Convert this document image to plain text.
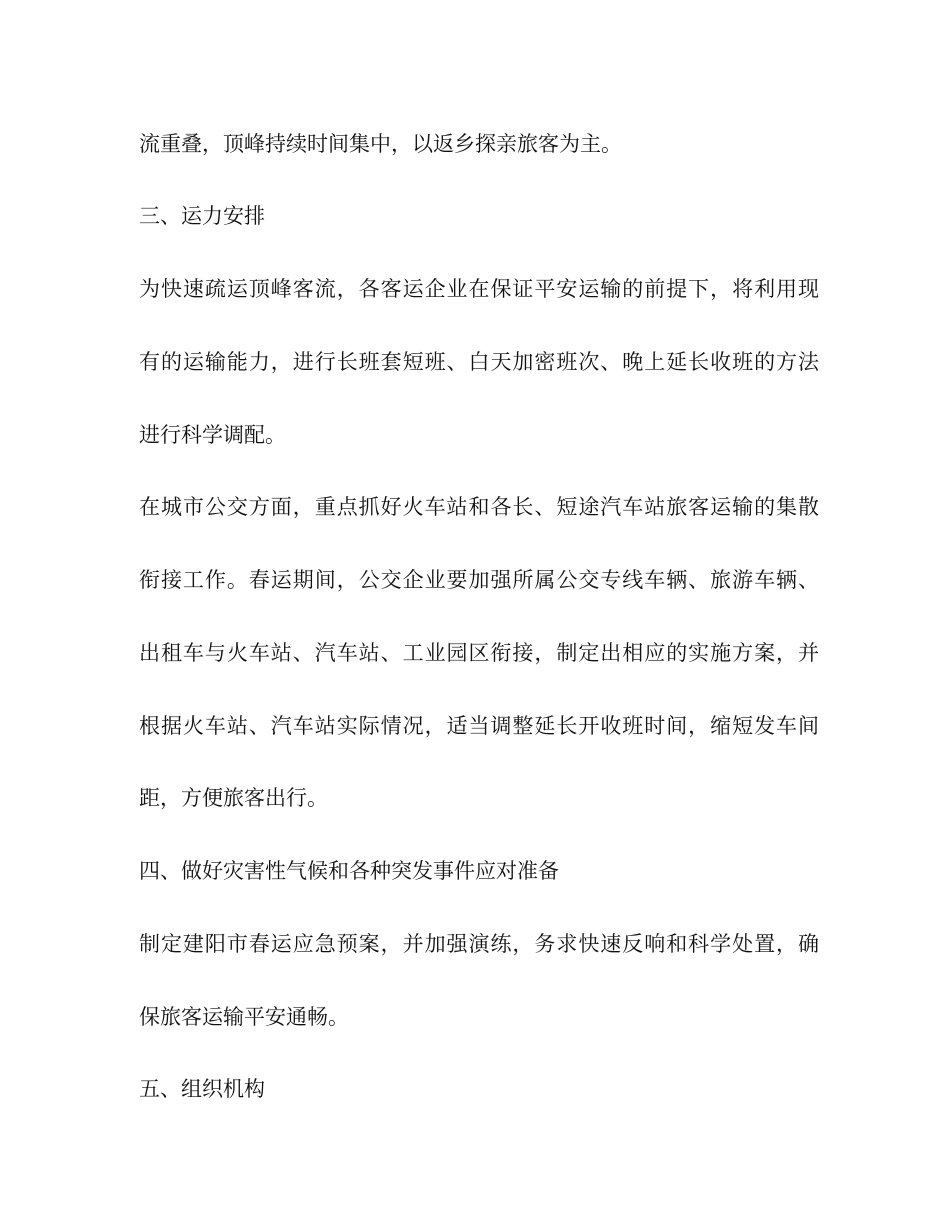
流重叠，顶峰持续时间集中，以返乡探亲旅客为主。
三、运力安排
为快速疏运顶峰客流，各客运企业在保证平安运输的前提下，将利用现
有的运输能力，进行长班套短班、白天加密班次、晚上延长收班的方法
进行科学调配。
在城市公交方面，重点抓好火车站和各长、短途汽车站旅客运输的集散
衔接工作。春运期间，公交企业要加强所属公交专线车辆、旅游车辆、
出租车与火车站、汽车站、工业园区衔接，制定出相应的实施方案，并
根据火车站、汽车站实际情况，适当调整延长开收班时间，缩短发车间
距，方便旅客出行。
四、做好灾害性气候和各种突发事件应对准备
制定建阳市春运应急预案，并加强演练，务求快速反响和科学处置，确
保旅客运输平安通畅。
五、组织机构
